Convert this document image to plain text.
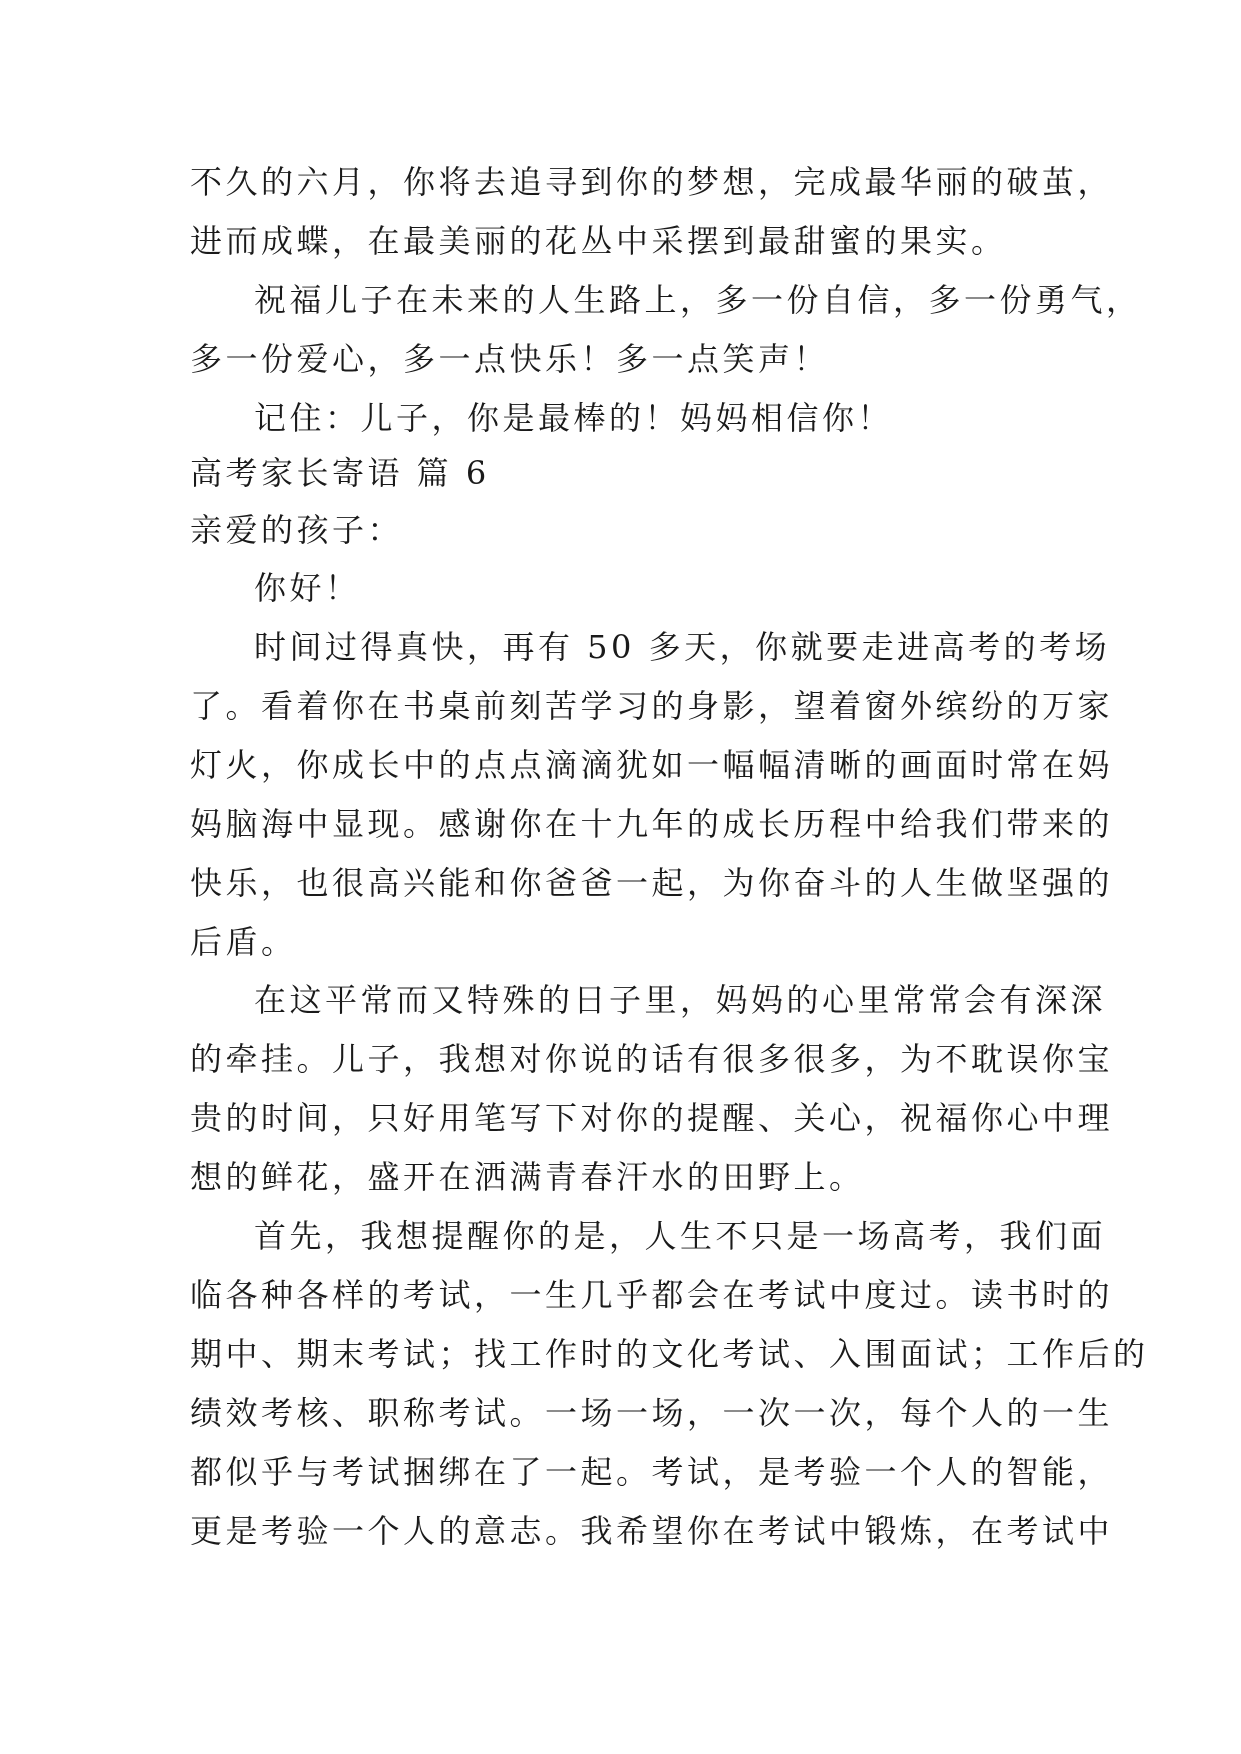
不久的六月，你将去追寻到你的梦想，完成最华丽的破茧，
进而成蝶，在最美丽的花丛中采摆到最甜蜜的果实。
祝福儿子在未来的人生路上，多一份自信，多一份勇气，
多一份爱心，多一点快乐！多一点笑声！
记住：儿子，你是最棒的！妈妈相信你！
高考家长寄语 篇 6
亲爱的孩子：
你好！
时间过得真快，再有 50 多天，你就要走进高考的考场
了。看着你在书桌前刻苦学习的身影，望着窗外缤纷的万家
灯火，你成长中的点点滴滴犹如一幅幅清晰的画面时常在妈
妈脑海中显现。感谢你在十九年的成长历程中给我们带来的
快乐，也很高兴能和你爸爸一起，为你奋斗的人生做坚强的
后盾。
在这平常而又特殊的日子里，妈妈的心里常常会有深深
的牵挂。儿子，我想对你说的话有很多很多，为不耽误你宝
贵的时间，只好用笔写下对你的提醒、关心，祝福你心中理
想的鲜花，盛开在洒满青春汗水的田野上。
首先，我想提醒你的是，人生不只是一场高考，我们面
临各种各样的考试，一生几乎都会在考试中度过。读书时的
期中、期末考试；找工作时的文化考试、入围面试；工作后的
绩效考核、职称考试。一场一场，一次一次，每个人的一生
都似乎与考试捆绑在了一起。考试，是考验一个人的智能，
更是考验一个人的意志。我希望你在考试中锻炼，在考试中
